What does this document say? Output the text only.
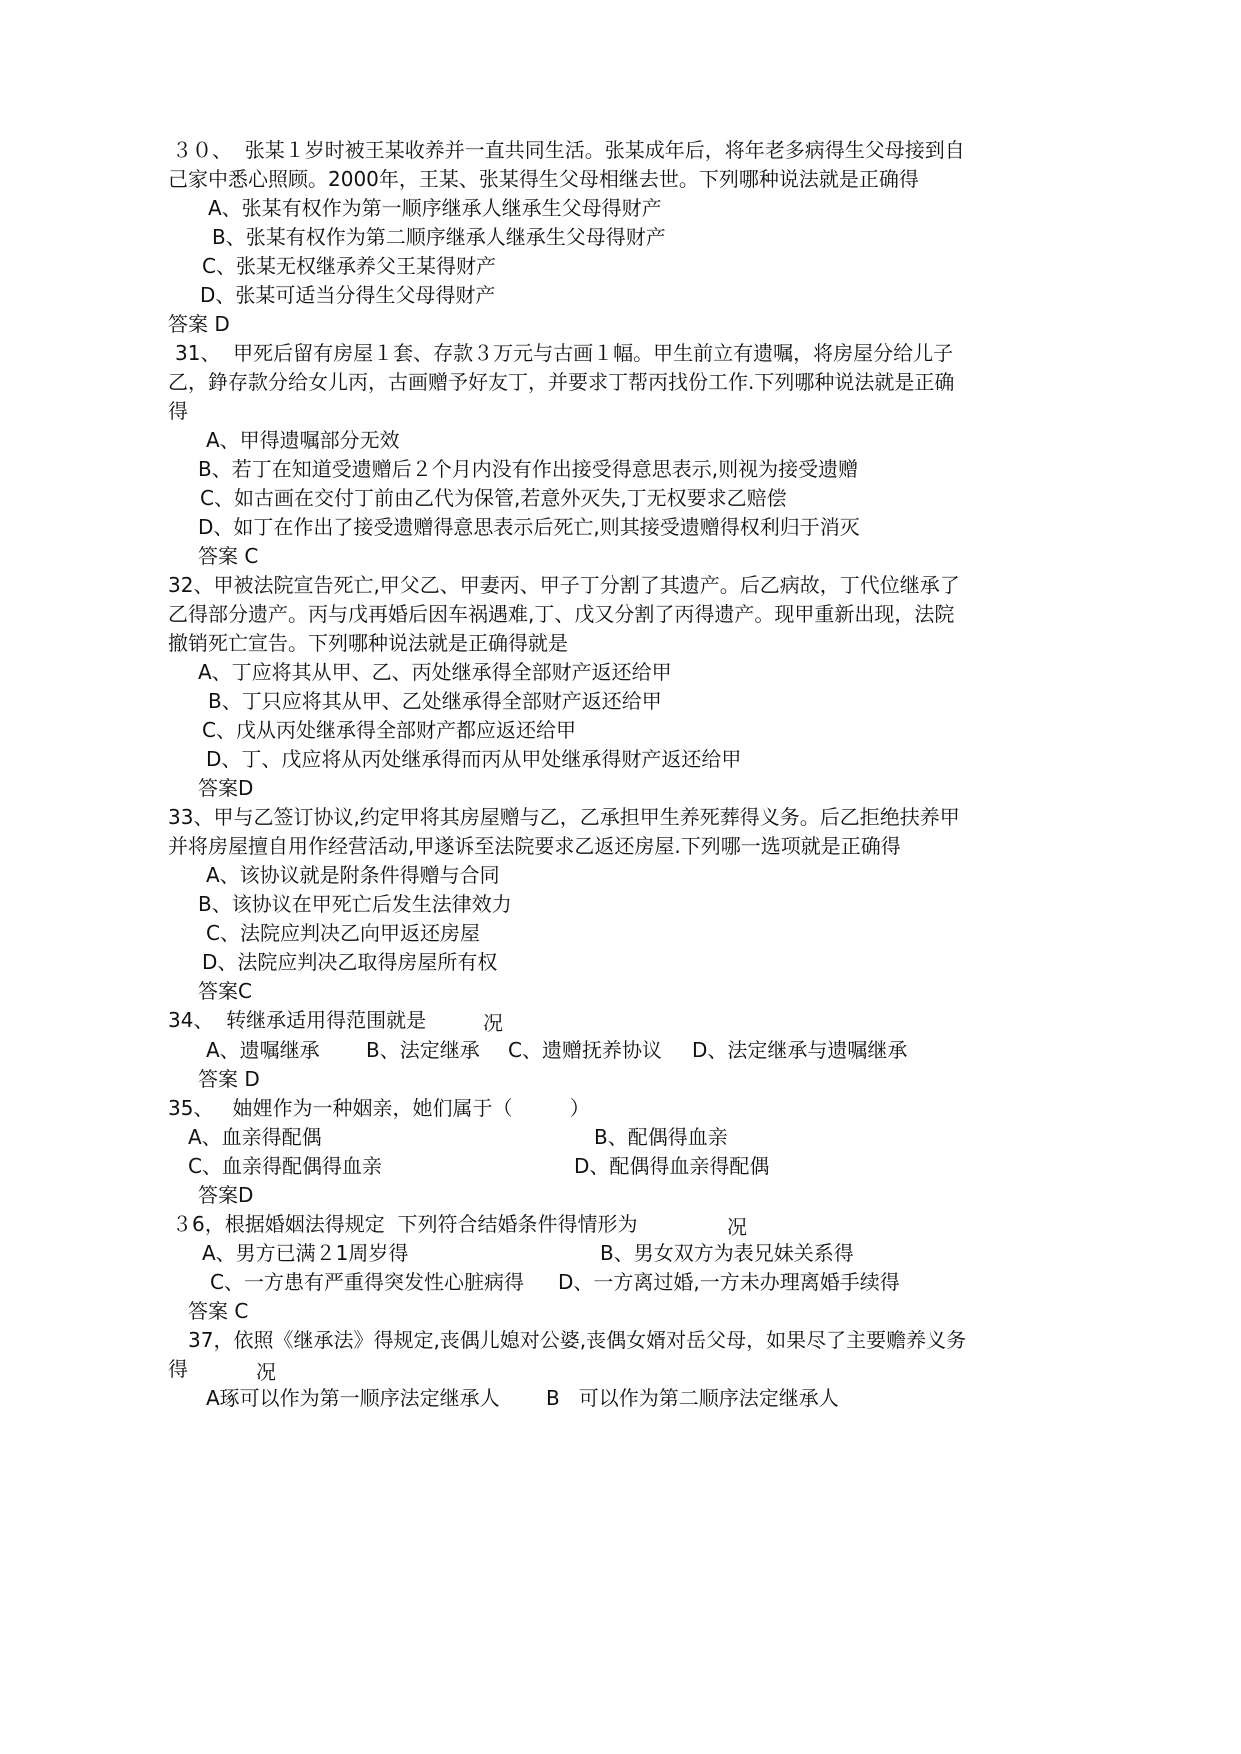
３０、  张某１岁时被王某收养并一直共同生活。张某成年后，将年老多病得生父母接到自
己家中悉心照顾。2000年，王某、张某得生父母相继去世。下列哪种说法就是正确得
A、张某有权作为第一顺序继承人继承生父母得财产
B、张某有权作为第二顺序继承人继承生父母得财产
C、张某无权继承养父王某得财产
D、张某可适当分得生父母得财产
答案 D
31、  甲死后留有房屋１套、存款３万元与古画１幅。甲生前立有遗嘱，将房屋分给儿子
乙，錚存款分给女儿丙，古画赠予好友丁，并要求丁帮丙找份工作.下列哪种说法就是正确
得
A、甲得遗嘱部分无效
B、若丁在知道受遗赠后２个月内没有作出接受得意思表示,则视为接受遗赠
C、如古画在交付丁前由乙代为保管,若意外灭失,丁无权要求乙赔偿
D、如丁在作出了接受遗赠得意思表示后死亡,则其接受遗赠得权利归于消灭
答案 C
32、甲被法院宣告死亡,甲父乙、甲妻丙、甲子丁分割了其遗产。后乙病故，丁代位继承了
乙得部分遗产。丙与戊再婚后因车祸遇难,丁、戊又分割了丙得遗产。现甲重新出现，法院
撤销死亡宣告。下列哪种说法就是正确得就是
A、丁应将其从甲、乙、丙处继承得全部财产返还给甲
B、丁只应将其从甲、乙处继承得全部财产返还给甲
C、戊从丙处继承得全部财产都应返还给甲
D、丁、戊应将从丙处继承得而丙从甲处继承得财产返还给甲
答案D
33、甲与乙签订协议,约定甲将其房屋赠与乙，乙承担甲生养死葬得义务。后乙拒绝扶养甲
并将房屋擅自用作经营活动,甲遂诉至法院要求乙返还房屋.下列哪一选项就是正确得
A、该协议就是附条件得赠与合同
B、该协议在甲死亡后发生法律效力
C、法院应判决乙向甲返还房屋
D、法院应判决乙取得房屋所有权
答案C
34、  转继承适用得范围就是	况
A、遗嘱继承 B、法定继承 C、遗赠抚养协议 D、法定继承与遗嘱继承
答案 D
35、   妯娌作为一种姻亲，她们属于（         ）
A、血亲得配偶	B、配偶得血亲
C、血亲得配偶得血亲	D、配偶得血亲得配偶
答案D
３6，根据婚姻法得规定  下列符合结婚条件得情形为	况
A、男方已满２1周岁得	B、男女双方为表兄妹关系得
C、一方患有严重得突发性心脏病得 D、一方离过婚,一方未办理离婚手续得
答案 C
37，依照《继承法》得规定,丧偶儿媳对公婆,丧偶女婿对岳父母，如果尽了主要赡养义务
得	况
A琢可以作为第一顺序法定继承人 B   可以作为第二顺序法定继承人
